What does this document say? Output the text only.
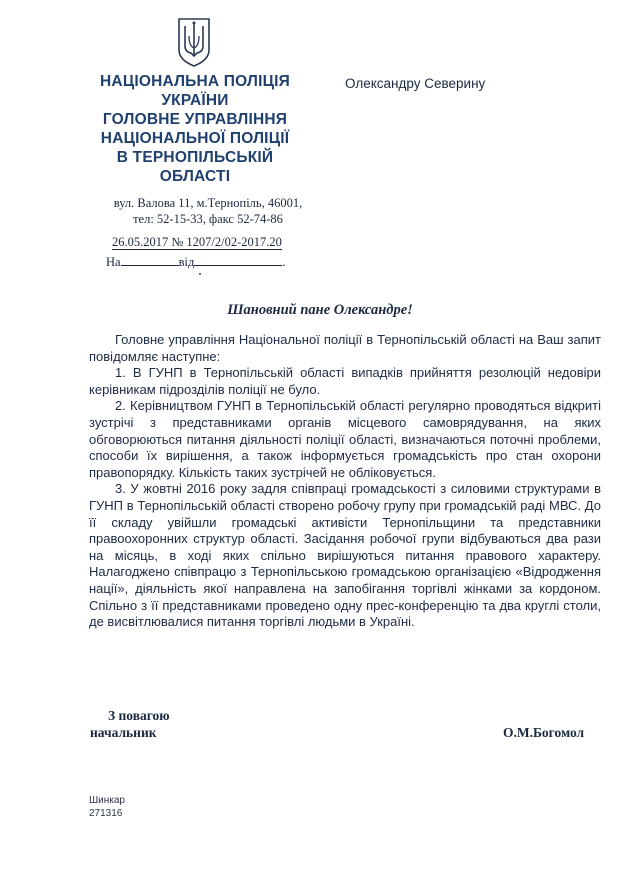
НАЦІОНАЛЬНА ПОЛІЦІЯ
УКРАЇНИ
ГОЛОВНЕ УПРАВЛІННЯ
НАЦІОНАЛЬНОЇ ПОЛІЦІЇ
В ТЕРНОПІЛЬСЬКІЙ
ОБЛАСТІ
Олександру Северину
вул. Валова 11, м.Тернопіль, 46001,
тел: 52-15-33, факс 52-74-86
26.05.2017 № 1207/2/02-2017.20
На	від	.
Шановний пане Олександре!

Головне управління Національної поліції в Тернопільській області на Ваш запит повідомляє наступне:

1. В ГУНП в Тернопільській області випадків прийняття резолюцій недовіри керівникам підрозділів поліції не було.

2. Керівництвом ГУНП в Тернопільській області регулярно проводяться відкриті зустрічі з представниками органів місцевого самоврядування, на яких обговорюються питання діяльності поліції області, визначаються поточні проблеми, способи їх вирішення, а також інформується громадськість про стан охорони правопорядку. Кількість таких зустрічей не обліковується.

3. У жовтні 2016 року задля співпраці громадськості з силовими структурами в ГУНП в Тернопільській області створено робочу групу при громадській раді МВС. До її складу увійшли громадські активісти Тернопільщини та представники правоохоронних структур області. Засідання робочої групи відбуваються два рази на місяць, в ході яких спільно вирішуються питання правового характеру. Налагоджено співпрацю з Тернопільською громадською організацією «Відродження нації», діяльність якої направлена на запобігання торгівлі жінками за кордоном. Спільно з її представниками проведено одну прес-конференцію та два круглі столи, де висвітлювалися питання торгівлі людьми в Україні.

З повагою
начальник	О.М.Богомол
Шинкар
271316
